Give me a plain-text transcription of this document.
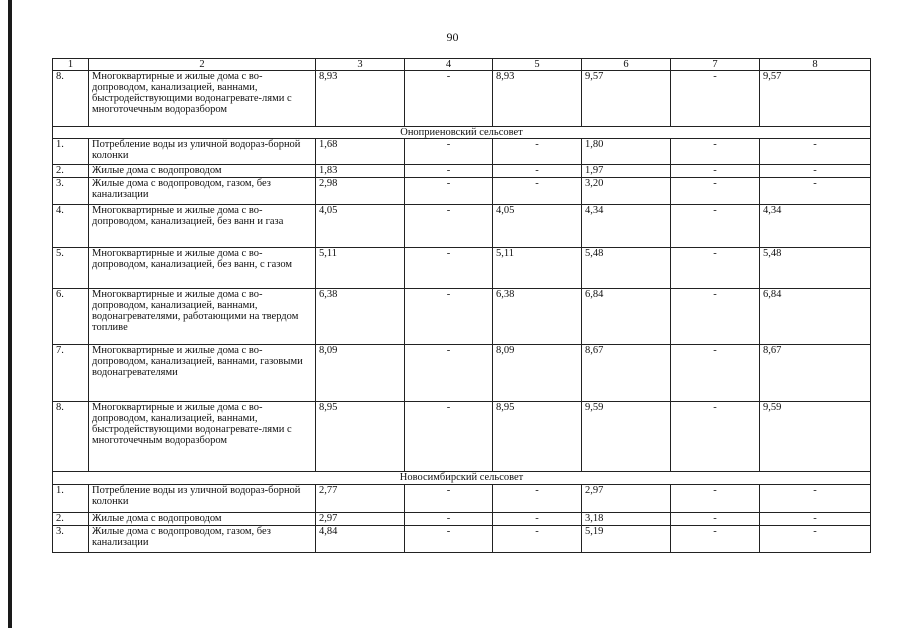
90
1	2	3	4	5	6	7	8
8.	Многоквартирные и жилые дома с во-допроводом, канализацией, ваннами, быстродействующими водонагревате-лями с многоточечным водоразбором	8,93	-	8,93	9,57	-	9,57
Оноприеновский сельсовет							
1.	Потребление воды из уличной водораз-борной колонки	1,68	-	-	1,80	-	-
2.	Жилые дома с водопроводом	1,83	-	-	1,97	-	-
3.	Жилые дома с водопроводом, газом, без канализации	2,98	-	-	3,20	-	-
4.	Многоквартирные и жилые дома с во-допроводом, канализацией, без ванн и газа	4,05	-	4,05	4,34	-	4,34
5.	Многоквартирные и жилые дома с во-допроводом, канализацией, без ванн, с газом	5,11	-	5,11	5,48	-	5,48
6.	Многоквартирные и жилые дома с во-допроводом, канализацией, ваннами, водонагревателями, работающими на твердом топливе	6,38	-	6,38	6,84	-	6,84
7.	Многоквартирные и жилые дома с во-допроводом, канализацией, ваннами, газовыми водонагревателями	8,09	-	8,09	8,67	-	8,67
8.	Многоквартирные и жилые дома с во-допроводом, канализацией, ваннами, быстродействующими водонагревате-лями с многоточечным водоразбором	8,95	-	8,95	9,59	-	9,59
Новосимбирский сельсовет							
1.	Потребление воды из уличной водораз-борной колонки	2,77	-	-	2,97	-	-
2.	Жилые дома с водопроводом	2,97	-	-	3,18	-	-
3.	Жилые дома с водопроводом, газом, без канализации	4,84	-	-	5,19	-	-
